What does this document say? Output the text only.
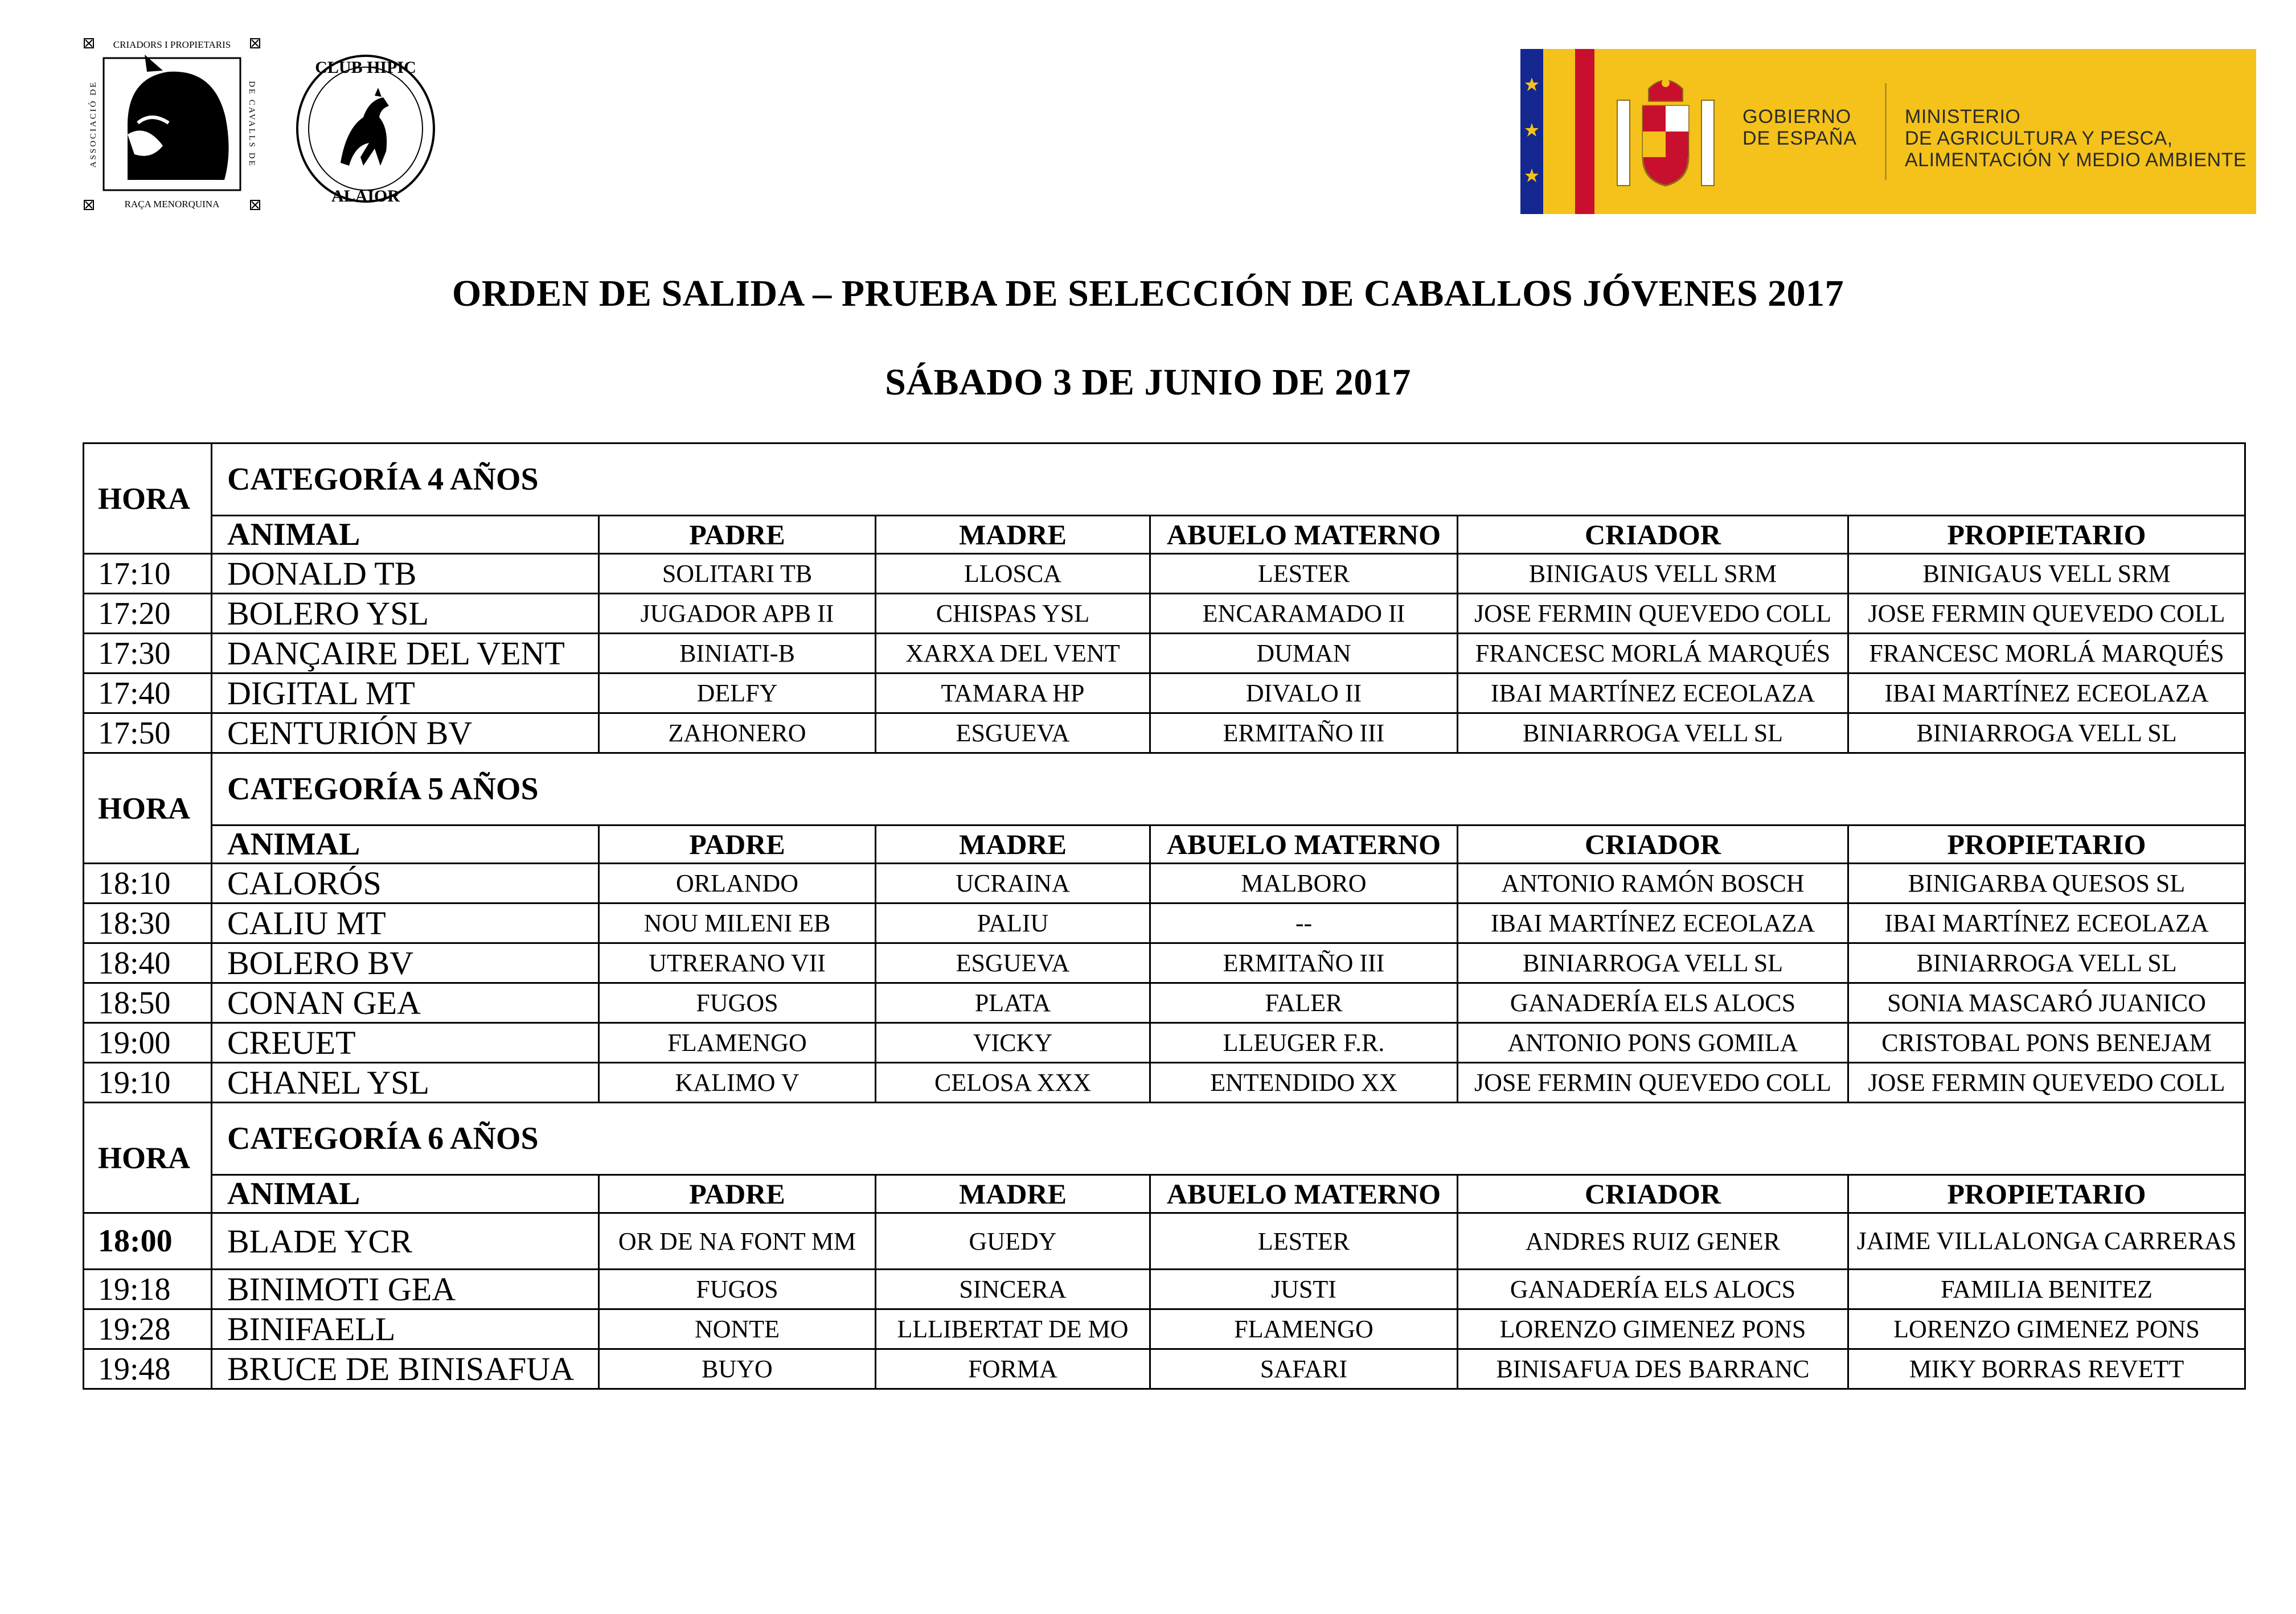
CRIADORS I PROPIETARIS
RAÇA MENORQUINA
ASSOCIACIÓ DE	DE CAVALLS DE
CLUB HIPIC
ALAIOR
GOBIERNO
DE ESPAÑA
MINISTERIO
DE AGRICULTURA Y PESCA,
ALIMENTACIÓN Y MEDIO AMBIENTE
ORDEN DE SALIDA – PRUEBA DE SELECCIÓN DE CABALLOS JÓVENES 2017
SÁBADO 3 DE JUNIO DE 2017
HORA	CATEGORÍA 4 AÑOS					
	ANIMAL	PADRE	MADRE	ABUELO MATERNO	CRIADOR	PROPIETARIO
17:10	DONALD TB	SOLITARI TB	LLOSCA	LESTER	BINIGAUS VELL SRM	BINIGAUS VELL SRM
17:20	BOLERO YSL	JUGADOR APB II	CHISPAS YSL	ENCARAMADO II	JOSE FERMIN QUEVEDO COLL	JOSE FERMIN QUEVEDO COLL
17:30	DANÇAIRE DEL VENT	BINIATI-B	XARXA DEL VENT	DUMAN	FRANCESC MORLÁ MARQUÉS	FRANCESC MORLÁ MARQUÉS
17:40	DIGITAL MT	DELFY	TAMARA HP	DIVALO II	IBAI MARTÍNEZ ECEOLAZA	IBAI MARTÍNEZ ECEOLAZA
17:50	CENTURIÓN BV	ZAHONERO	ESGUEVA	ERMITAÑO III	BINIARROGA VELL SL	BINIARROGA VELL SL
HORA	CATEGORÍA 5 AÑOS					
	ANIMAL	PADRE	MADRE	ABUELO MATERNO	CRIADOR	PROPIETARIO
18:10	CALORÓS	ORLANDO	UCRAINA	MALBORO	ANTONIO RAMÓN BOSCH	BINIGARBA QUESOS SL
18:30	CALIU MT	NOU MILENI EB	PALIU	--	IBAI MARTÍNEZ ECEOLAZA	IBAI MARTÍNEZ ECEOLAZA
18:40	BOLERO BV	UTRERANO VII	ESGUEVA	ERMITAÑO III	BINIARROGA VELL SL	BINIARROGA VELL SL
18:50	CONAN GEA	FUGOS	PLATA	FALER	GANADERÍA ELS ALOCS	SONIA MASCARÓ JUANICO
19:00	CREUET	FLAMENGO	VICKY	LLEUGER F.R.	ANTONIO PONS GOMILA	CRISTOBAL PONS BENEJAM
19:10	CHANEL YSL	KALIMO V	CELOSA XXX	ENTENDIDO XX	JOSE FERMIN QUEVEDO COLL	JOSE FERMIN QUEVEDO COLL
HORA	CATEGORÍA 6 AÑOS					
	ANIMAL	PADRE	MADRE	ABUELO MATERNO	CRIADOR	PROPIETARIO
18:00	BLADE YCR	OR DE NA FONT MM	GUEDY	LESTER	ANDRES RUIZ GENER	JAIME VILLALONGA CARRERAS
19:18	BINIMOTI GEA	FUGOS	SINCERA	JUSTI	GANADERÍA ELS ALOCS	FAMILIA BENITEZ
19:28	BINIFAELL	NONTE	LLLIBERTAT DE MO	FLAMENGO	LORENZO GIMENEZ PONS	LORENZO GIMENEZ PONS
19:48	BRUCE DE BINISAFUA	BUYO	FORMA	SAFARI	BINISAFUA DES BARRANC	MIKY BORRAS REVETT
